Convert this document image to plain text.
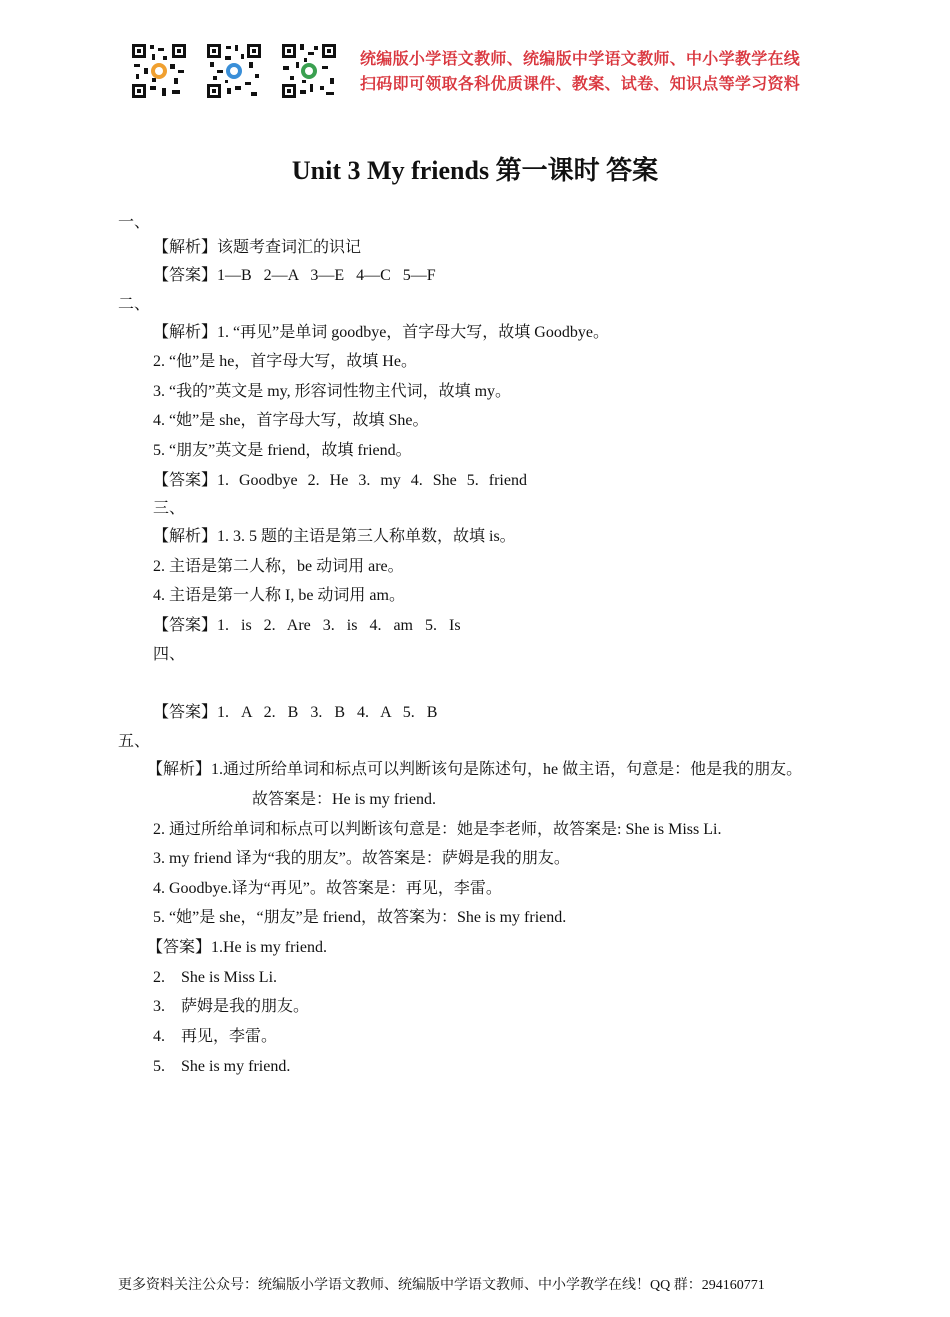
统编版小学语文教师、统编版中学语文教师、中小学教学在线
扫码即可领取各科优质课件、教案、试卷、知识点等学习资料
Unit 3 My friends 第一课时 答案
一、
【解析】该题考查词汇的识记
【答案】1—B 2—A 3—E 4—C 5—F
二、
【解析】1. “再见”是单词 goodbye，首字母大写，故填 Goodbye。
2. “他”是 he，首字母大写，故填 He。
3. “我的”英文是 my, 形容词性物主代词，故填 my。
4. “她”是 she，首字母大写，故填 She。
5. “朋友”英文是 friend，故填 friend。
【答案】1. Goodbye 2. He 3. my 4. She 5. friend
三、
【解析】1. 3. 5 题的主语是第三人称单数，故填 is。
2. 主语是第二人称，be 动词用 are。
4. 主语是第一人称 I, be 动词用 am。
【答案】1. is 2. Are 3. is 4. am 5. Is
四、
【答案】1. A 2. B 3. B 4. A 5. B
五、
【解析】1.通过所给单词和标点可以判断该句是陈述句，he 做主语，句意是：他是我的朋友。
故答案是：He is my friend.
2. 通过所给单词和标点可以判断该句意是：她是李老师，故答案是: She is Miss Li.
3. my friend 译为“我的朋友”。故答案是：萨姆是我的朋友。
4. Goodbye.译为“再见”。故答案是：再见，李雷。
5. “她”是 she，“朋友”是 friend，故答案为：She is my friend.
【答案】1.He is my friend.
2.    She is Miss Li.
3.    萨姆是我的朋友。
4.    再见，李雷。
5.    She is my friend.
更多资料关注公众号：统编版小学语文教师、统编版中学语文教师、中小学教学在线！QQ 群：294160771
